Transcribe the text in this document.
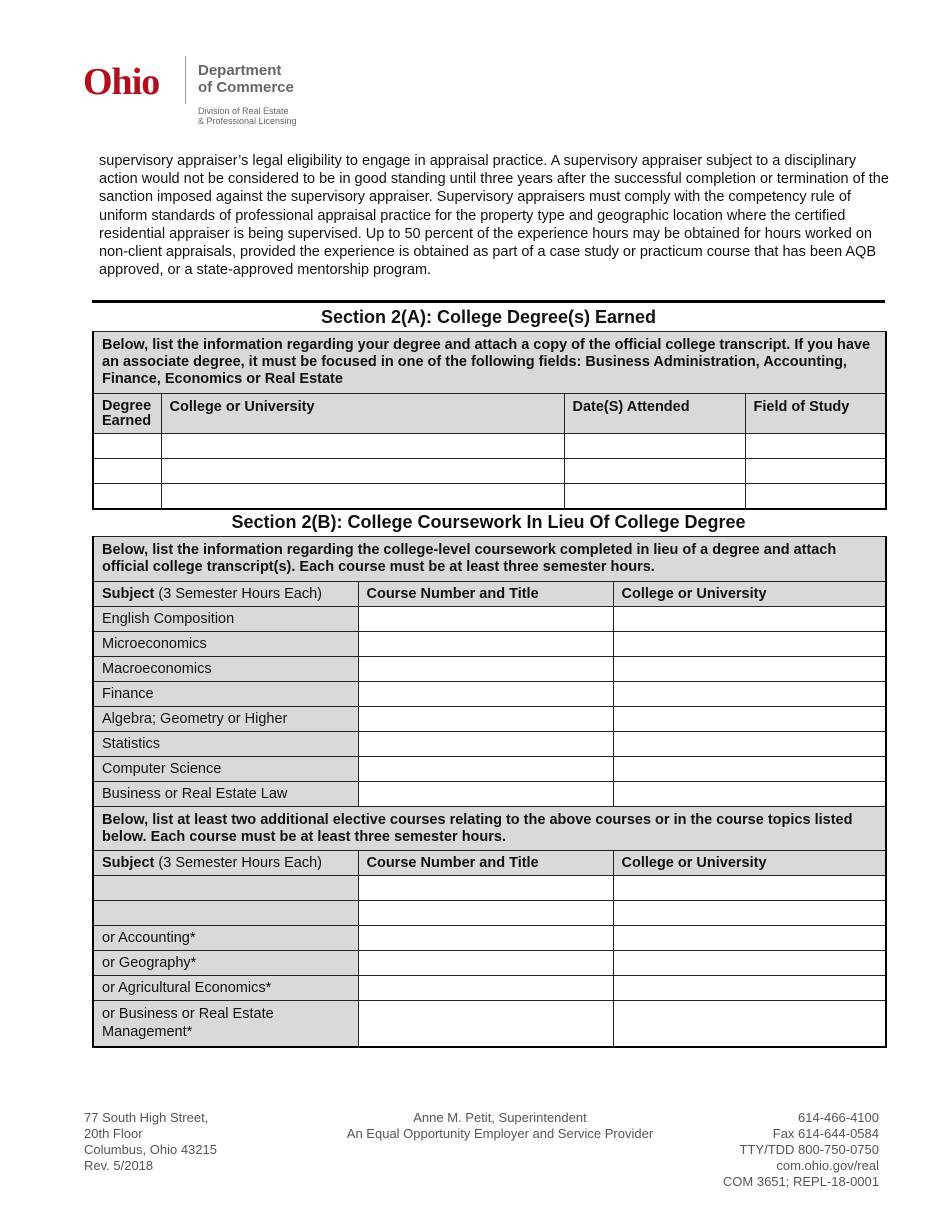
Ohio	Department
of Commerce
Division of Real Estate
& Professional Licensing
supervisory appraiser’s legal eligibility to engage in appraisal practice. A supervisory appraiser subject to a disciplinary action would not be considered to be in good standing until three years after the successful completion or termination of the sanction imposed against the supervisory appraiser. Supervisory appraisers must comply with the competency rule of uniform standards of professional appraisal practice for the property type and geographic location where the certified residential appraiser is being supervised. Up to 50 percent of the experience hours may be obtained for hours worked on non-client appraisals, provided the experience is obtained as part of a case study or practicum course that has been AQB approved, or a state-approved mentorship program.
Section 2(A): College Degree(s) Earned
Below, list the information regarding your degree and attach a copy of the official college transcript. If you have an associate degree, it must be focused in one of the following fields: Business Administration, Accounting, Finance, Economics or Real Estate			

Degree Earned	College or University	Date(S) Attended	Field of Study

Section 2(B): College Coursework In Lieu Of College Degree
Below, list the information regarding the college-level coursework completed in lieu of a degree and attach official college transcript(s). Each course must be at least three semester hours.		

Subject (3 Semester Hours Each)	Course Number and Title	College or University
English Composition		
Microeconomics		
Macroeconomics		
Finance		
Algebra; Geometry or Higher		
Statistics		
Computer Science		
Business or Real Estate Law		

Below, list at least two additional elective courses relating to the above courses or in the course topics listed below. Each course must be at least three semester hours.		

Subject (3 Semester Hours Each)	Course Number and Title	College or University

or Accounting*		
or Geography*		
or Agricultural Economics*		
or Business or Real Estate Management*		
77 South High Street,
20th Floor
Columbus, Ohio 43215
Rev. 5/2018
Anne M. Petit, Superintendent
An Equal Opportunity Employer and Service Provider
614-466-4100
Fax 614-644-0584
TTY/TDD 800-750-0750
com.ohio.gov/real
COM 3651; REPL-18-0001
